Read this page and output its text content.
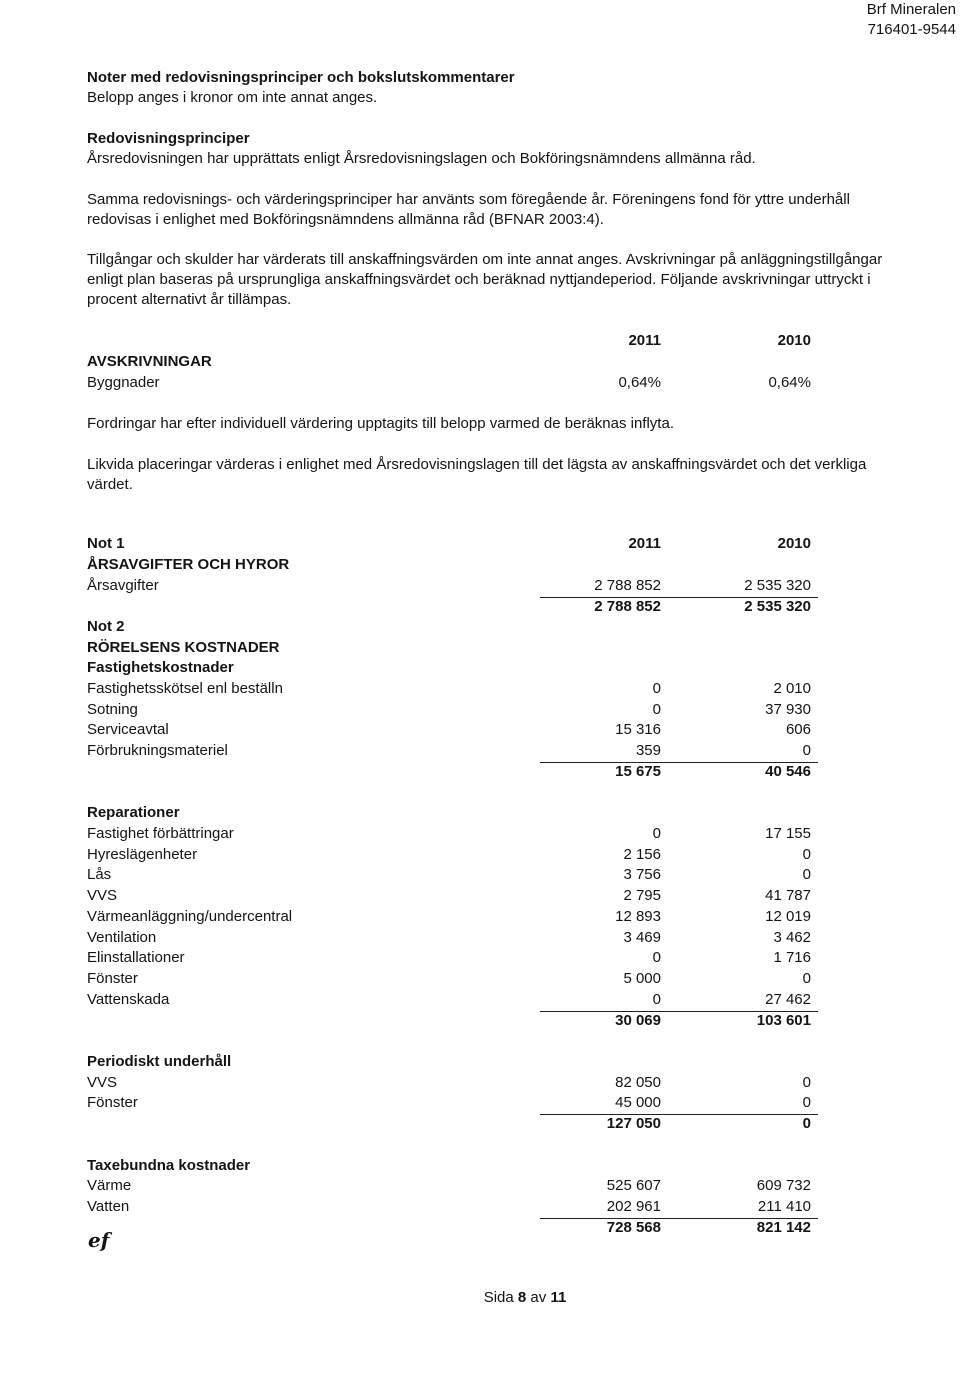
Brf Mineralen
716401-9544
Noter med redovisningsprinciper och bokslutskommentarer
Belopp anges i kronor om inte annat anges.
Redovisningsprinciper
Årsredovisningen har upprättats enligt Årsredovisningslagen och Bokföringsnämndens allmänna råd.
Samma redovisnings- och värderingsprinciper har använts som föregående år. Föreningens fond för yttre underhåll
redovisas i enlighet med Bokföringsnämndens allmänna råd (BFNAR 2003:4).
Tillgångar och skulder har värderats till anskaffningsvärden om inte annat anges. Avskrivningar på anläggningstillgångar
enligt plan baseras på ursprungliga anskaffningsvärdet och beräknad nyttjandeperiod. Följande avskrivningar uttryckt i
procent alternativt år tillämpas.
2011	2010
AVSKRIVNINGAR
Byggnader	0,64%	0,64%
Fordringar har efter individuell värdering upptagits till belopp varmed de beräknas inflyta.
Likvida placeringar värderas i enlighet med Årsredovisningslagen till det lägsta av anskaffningsvärdet och det verkliga
värdet.
Not 1	2011	2010
ÅRSAVGIFTER OCH HYROR
Årsavgifter	2 788 852	2 535 320
2 788 852	2 535 320
Not 2
RÖRELSENS KOSTNADER
Fastighetskostnader
Fastighetsskötsel enl beställn	0	2 010
Sotning	0	37 930
Serviceavtal	15 316	606
Förbrukningsmateriel	359	0
15 675	40 546
Reparationer
Fastighet förbättringar	0	17 155
Hyreslägenheter	2 156	0
Lås	3 756	0
VVS	2 795	41 787
Värmeanläggning/undercentral	12 893	12 019
Ventilation	3 469	3 462
Elinstallationer	0	1 716
Fönster	5 000	0
Vattenskada	0	27 462
30 069	103 601
Periodiskt underhåll
VVS	82 050	0
Fönster	45 000	0
127 050	0
Taxebundna kostnader
Värme	525 607	609 732
Vatten	202 961	211 410
728 568	821 142
ef
Sida 8 av 11
